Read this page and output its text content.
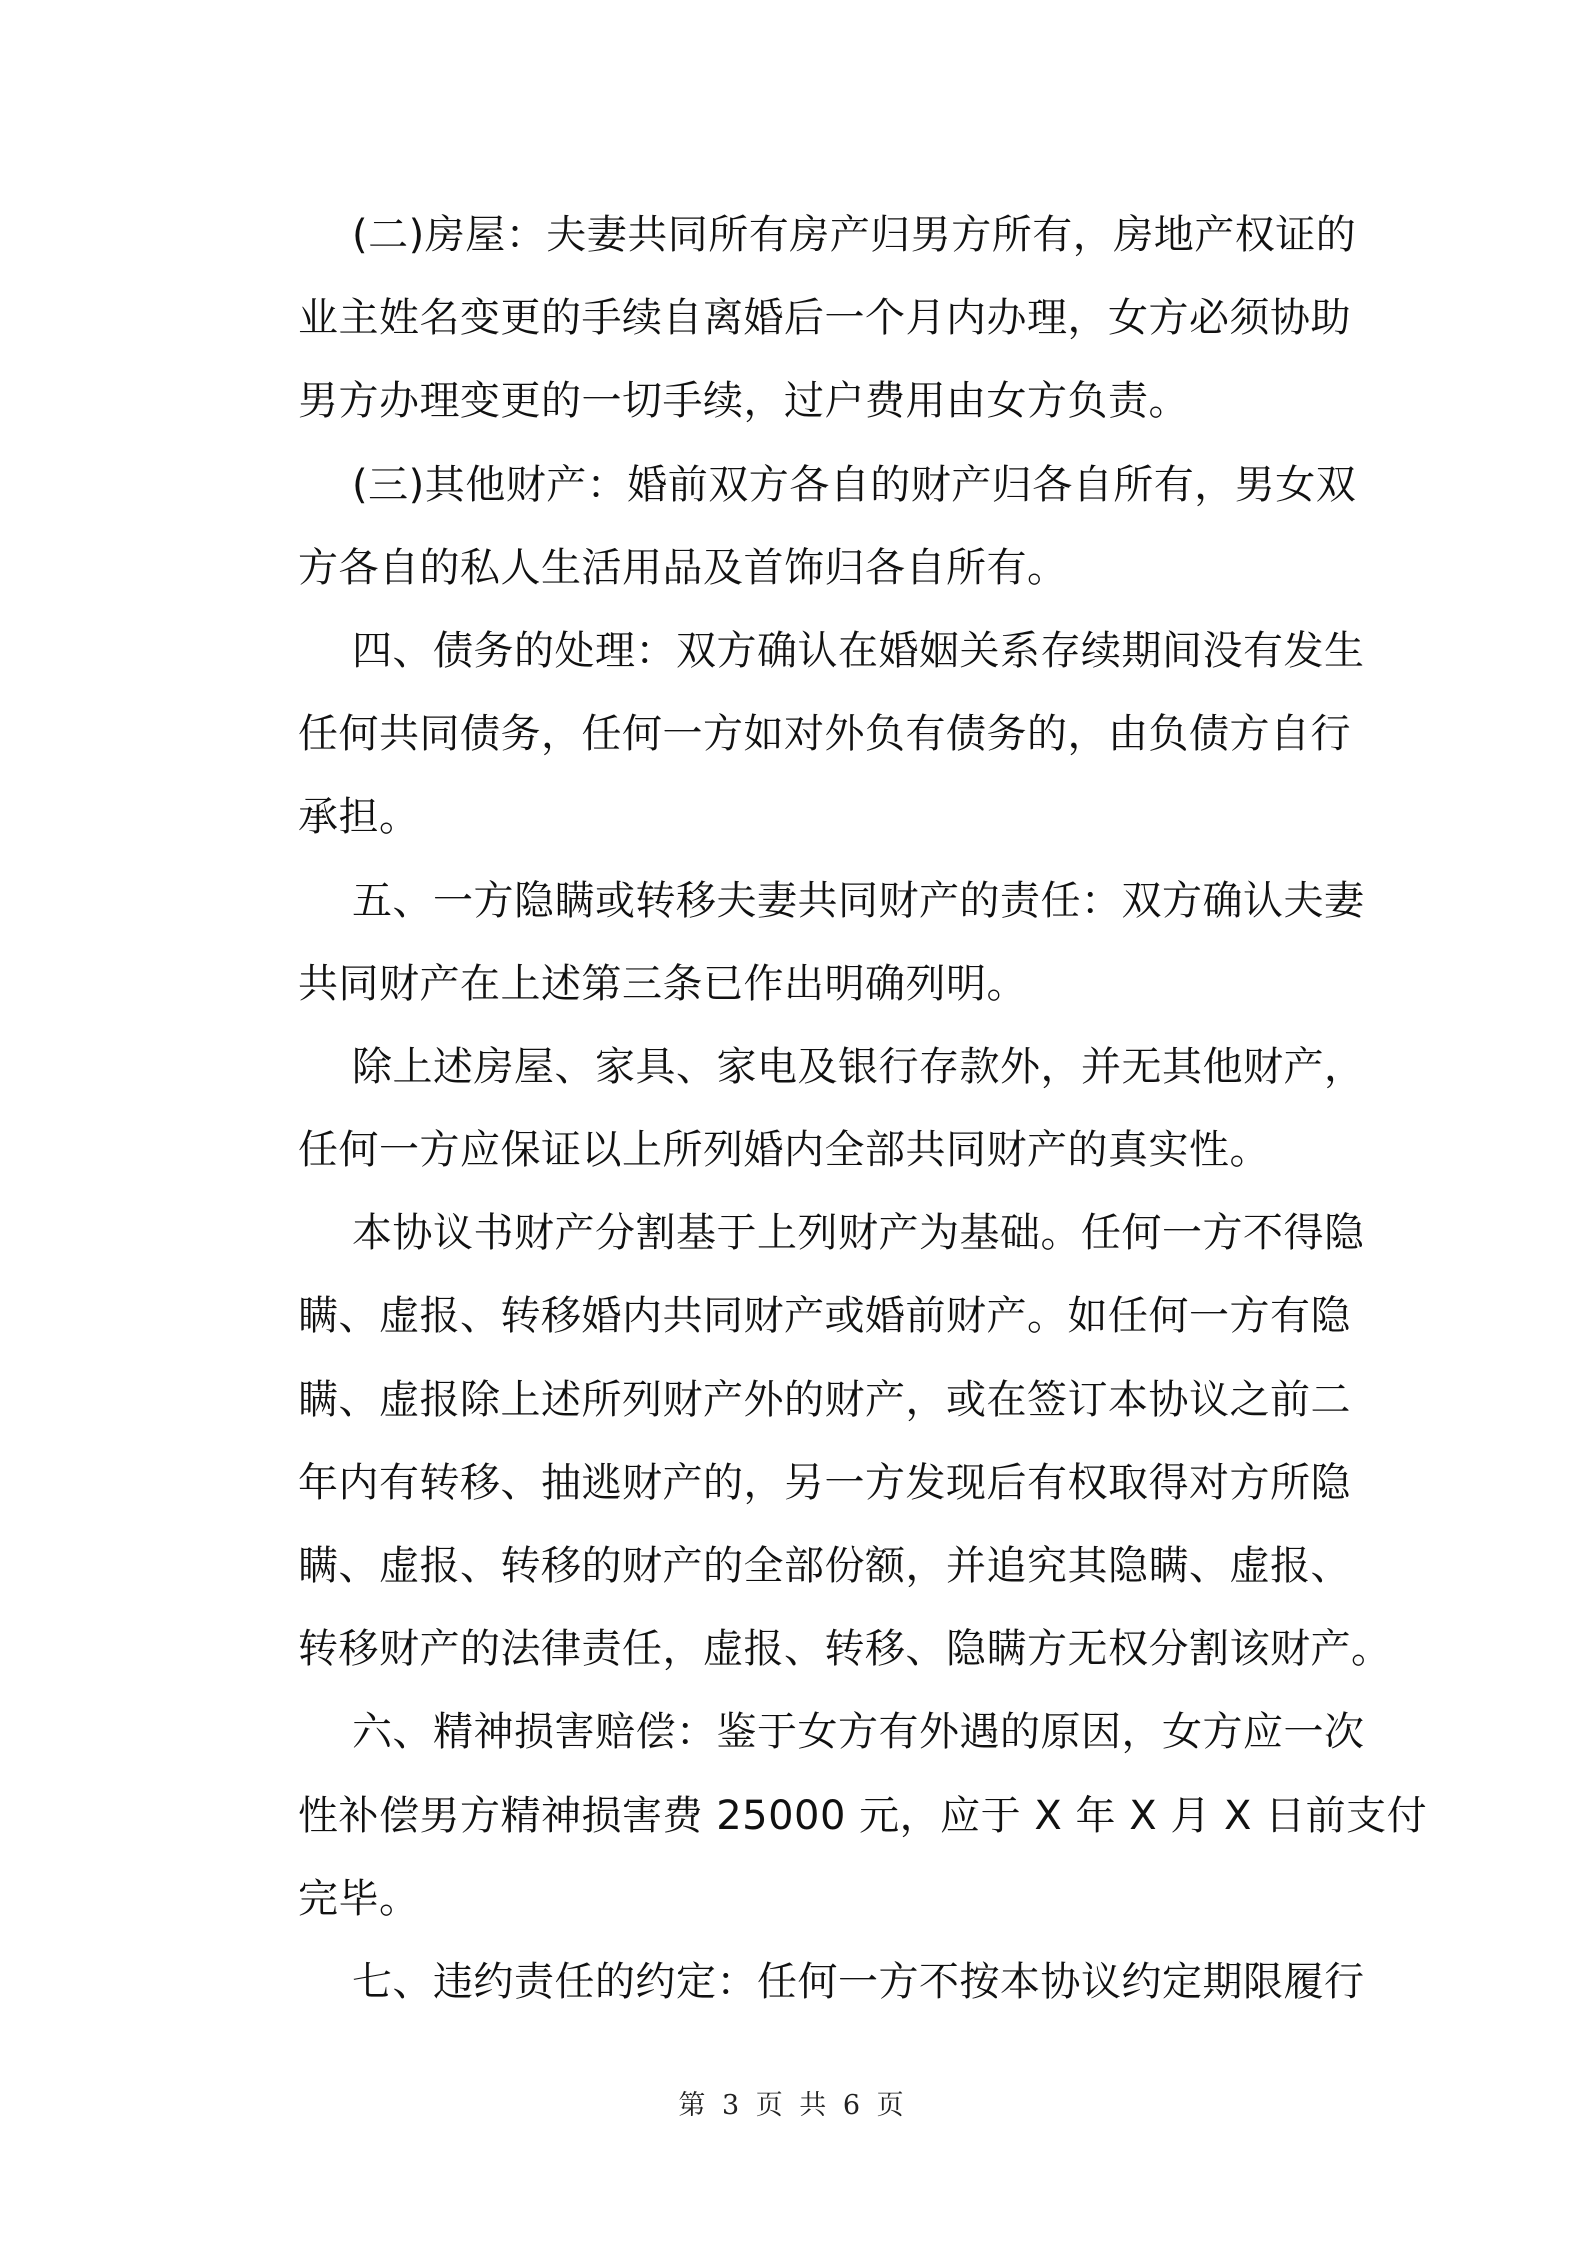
(二)房屋：夫妻共同所有房产归男方所有，房地产权证的
业主姓名变更的手续自离婚后一个月内办理，女方必须协助
男方办理变更的一切手续，过户费用由女方负责。
(三)其他财产：婚前双方各自的财产归各自所有，男女双
方各自的私人生活用品及首饰归各自所有。
四、债务的处理：双方确认在婚姻关系存续期间没有发生
任何共同债务，任何一方如对外负有债务的，由负债方自行
承担。
五、一方隐瞒或转移夫妻共同财产的责任：双方确认夫妻
共同财产在上述第三条已作出明确列明。
除上述房屋、家具、家电及银行存款外，并无其他财产，
任何一方应保证以上所列婚内全部共同财产的真实性。
本协议书财产分割基于上列财产为基础。任何一方不得隐
瞒、虚报、转移婚内共同财产或婚前财产。如任何一方有隐
瞒、虚报除上述所列财产外的财产，或在签订本协议之前二
年内有转移、抽逃财产的，另一方发现后有权取得对方所隐
瞒、虚报、转移的财产的全部份额，并追究其隐瞒、虚报、
转移财产的法律责任，虚报、转移、隐瞒方无权分割该财产。
六、精神损害赔偿：鉴于女方有外遇的原因，女方应一次
性补偿男方精神损害费 25000 元，应于 X 年 X 月 X 日前支付
完毕。
七、违约责任的约定：任何一方不按本协议约定期限履行
第 3 页 共 6 页
